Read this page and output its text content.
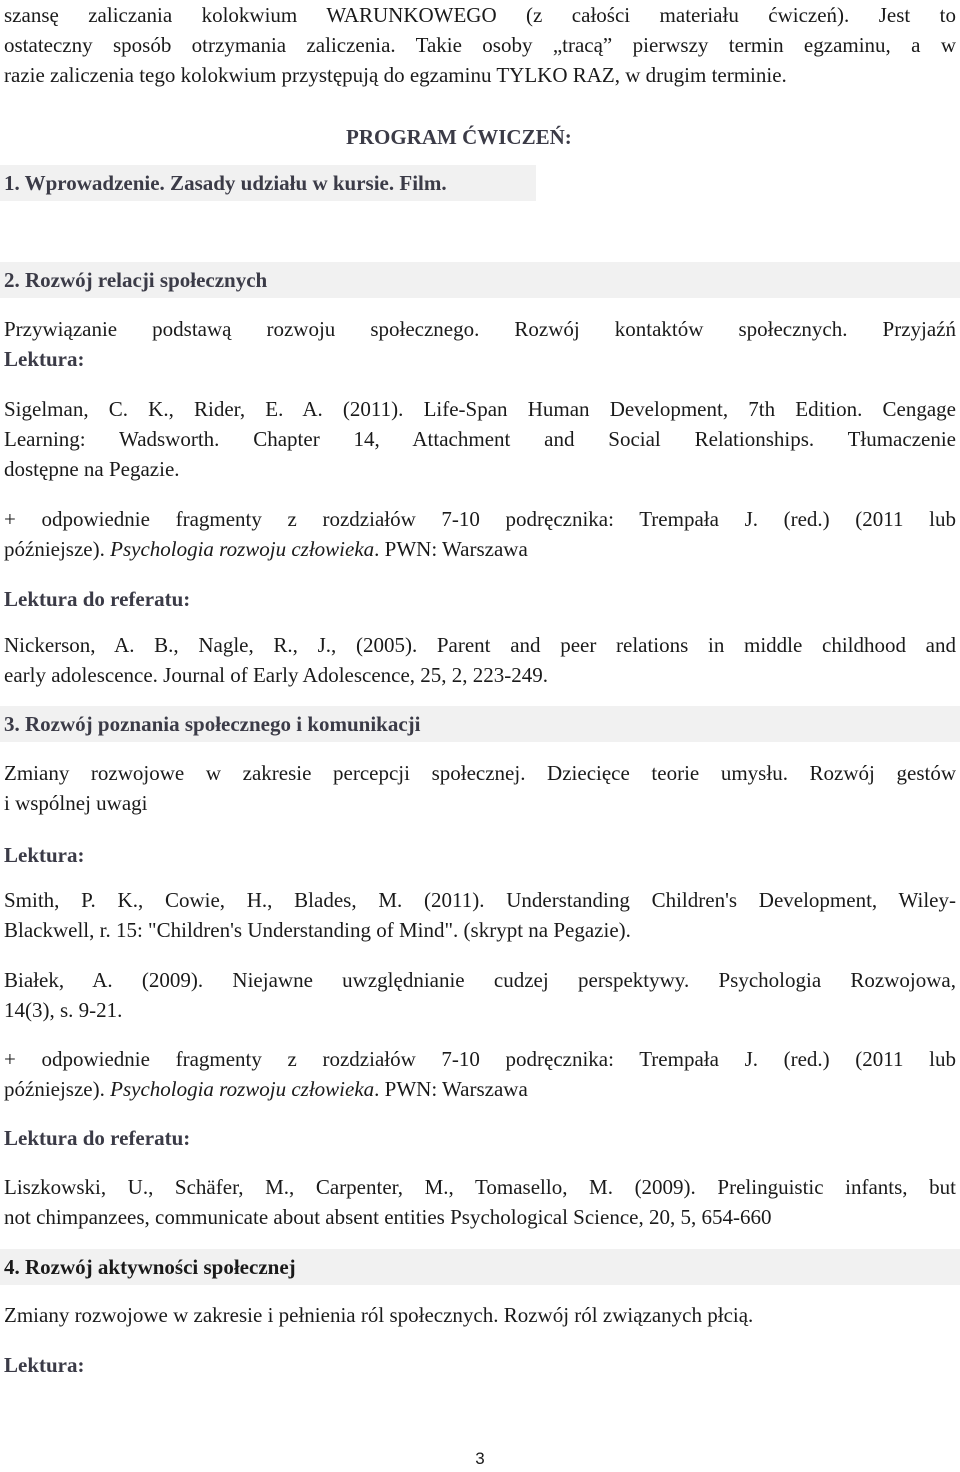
szansę zaliczania kolokwium WARUNKOWEGO (z całości materiału ćwiczeń). Jest to
ostateczny sposób otrzymania zaliczenia. Takie osoby „tracą” pierwszy termin egzaminu, a w
razie zaliczenia tego kolokwium przystępują do egzaminu TYLKO RAZ, w drugim terminie.
PROGRAM ĆWICZEŃ:
1. Wprowadzenie. Zasady udziału w kursie. Film.
2. Rozwój relacji społecznych
Przywiązanie podstawą rozwoju społecznego. Rozwój kontaktów społecznych. Przyjaźń
Lektura:
Sigelman, C. K., Rider, E. A. (2011). Life-Span Human Development, 7th Edition. Cengage
Learning: Wadsworth. Chapter 14, Attachment and Social Relationships. Tłumaczenie
dostępne na Pegazie.
+ odpowiednie fragmenty z rozdziałów 7-10 podręcznika: Trempała J. (red.) (2011 lub
późniejsze). Psychologia rozwoju człowieka. PWN: Warszawa
Lektura do referatu:
Nickerson, A. B., Nagle, R., J., (2005). Parent and peer relations in middle childhood and
early adolescence. Journal of Early Adolescence, 25, 2, 223-249.
3. Rozwój poznania społecznego i komunikacji
Zmiany rozwojowe w zakresie percepcji społecznej. Dziecięce teorie umysłu. Rozwój gestów
i wspólnej uwagi
Lektura:
Smith, P. K., Cowie, H., Blades, M. (2011). Understanding Children's Development, Wiley-
Blackwell, r. 15: "Children's Understanding of Mind". (skrypt na Pegazie).
Białek, A. (2009). Niejawne uwzględnianie cudzej perspektywy. Psychologia Rozwojowa,
14(3), s. 9-21.
+ odpowiednie fragmenty z rozdziałów 7-10 podręcznika: Trempała J. (red.) (2011 lub
późniejsze). Psychologia rozwoju człowieka. PWN: Warszawa
Lektura do referatu:
Liszkowski, U., Schäfer, M., Carpenter, M., Tomasello, M. (2009). Prelinguistic infants, but
not chimpanzees, communicate about absent entities Psychological Science, 20, 5, 654-660
4. Rozwój aktywności społecznej
Zmiany rozwojowe w zakresie i pełnienia ról społecznych. Rozwój ról związanych płcią.
Lektura:
3
